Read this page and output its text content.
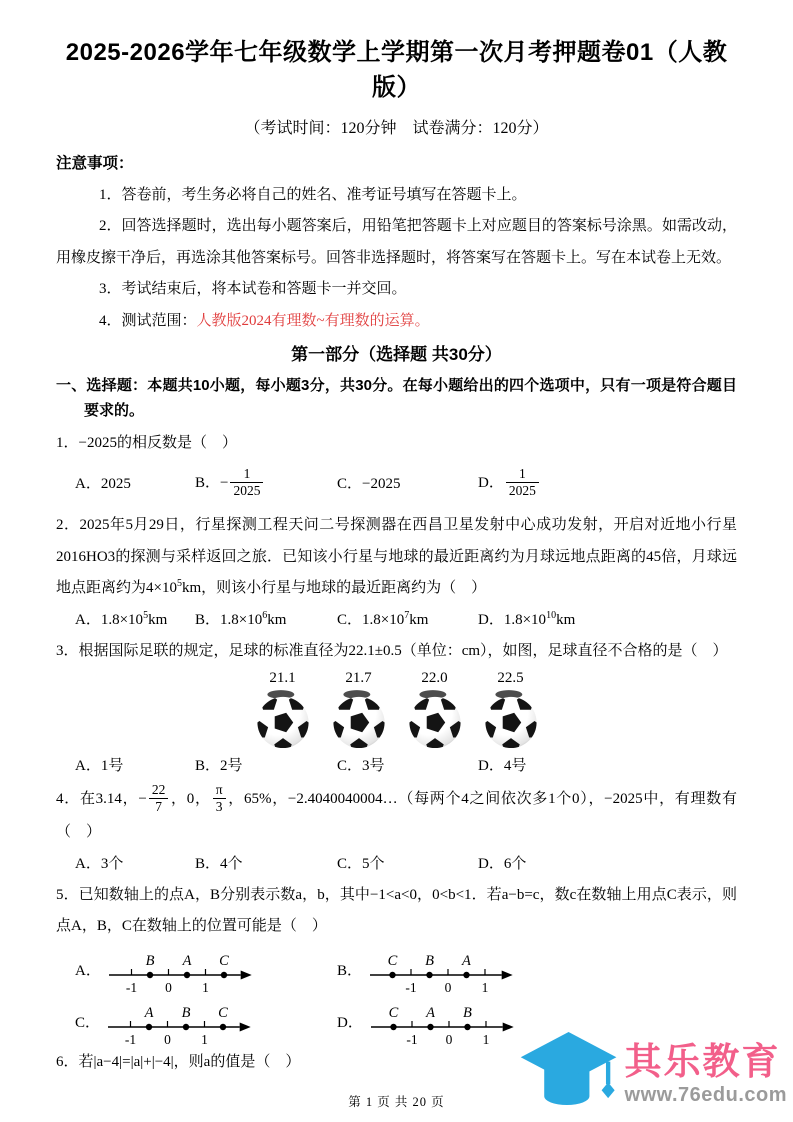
2025-2026学年七年级数学上学期第一次月考押题卷01（人教版）
（考试时间：120分钟　试卷满分：120分）
注意事项：

1．答卷前，考生务必将自己的姓名、准考证号填写在答题卡上。

2．回答选择题时，选出每小题答案后，用铅笔把答题卡上对应题目的答案标号涂黑。如需改动，用橡皮擦干净后，再选涂其他答案标号。回答非选择题时，将答案写在答题卡上。写在本试卷上无效。

3．考试结束后，将本试卷和答题卡一并交回。

4．测试范围：人教版2024有理数~有理数的运算。

第一部分（选择题 共30分）

一、选择题：本题共10小题，每小题3分，共30分。在每小题给出的四个选项中，只有一项是符合题目要求的。

1．−2025的相反数是（　）

A．2025	B．− $\frac{1}{2025}$	C．−2025	D． $\frac{1}{2025}$

2．2025年5月29日，行星探测工程天问二号探测器在西昌卫星发射中心成功发射，开启对近地小行星2016HO3的探测与采样返回之旅．已知该小行星与地球的最近距离约为月球远地点距离的45倍，月球远地点距离约为$4\times 10^5km$，则该小行星与地球的最近距离约为（　）

A．$1.8\times 10^5km$	B．$1.8\times 10^6km$	C．$1.8\times 10^7km$	D．$1.8\times 10^{10}km$

3．根据国际足联的规定，足球的标准直径为22.1±0.5（单位：cm），如图，足球直径不合格的是（　）

21.1	21.7	22.0	22.5
A．1号	B．2号	C．3号	D．4号

4．在3.14，− $\frac{22}{7}$ ，0， $\frac{\pi}{3}$ ，65%，−2.4040040004…（每两个4之间依次多1个0），−2025中，有理数有（　）

A．3个	B．4个	C．5个	D．6个

5．已知数轴上的点A，B分别表示数a，b，其中−1<a<0，0<b<1．若a−b=c，数c在数轴上用点C表示，则点A，B，C在数轴上的位置可能是（　）

A．
-1 0 1
B A C
B．
-1 0 1
C B A
C．
-1 0 1
A B C
D．
-1 0 1
C A B

6．若|a−4|=|a|+|−4|，则a的值是（　）

第 1 页 共 20 页
其乐教育
www.76edu.com
